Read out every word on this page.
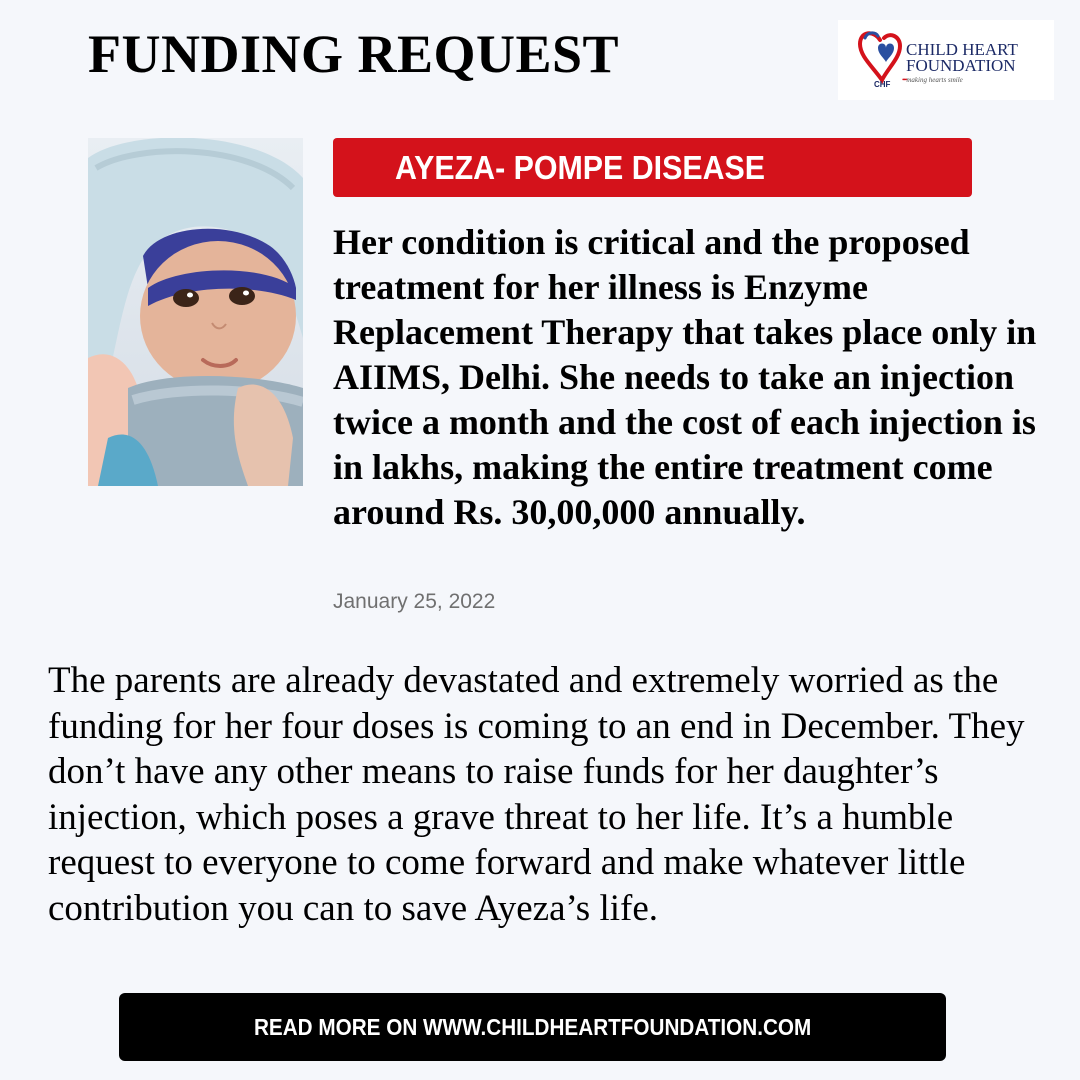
FUNDING REQUEST	CHILD HEART
FOUNDATION
CHF •••making hearts smile
AYEZA- POMPE DISEASE

Her condition is critical and the proposed treatment for her illness is Enzyme Replacement Therapy that takes place only in AIIMS, Delhi. She needs to take an injection twice a month and the cost of each injection is in lakhs, making the entire treatment come around Rs. 30,00,000 annually.

January 25, 2022

The parents are already devastated and extremely worried as the funding for her four doses is coming to an end in December. They don’t have any other means to raise funds for her daughter’s injection, which poses a grave threat to her life. It’s a humble request to everyone to come forward and make whatever little contribution you can to save Ayeza’s life.

READ MORE ON WWW.CHILDHEARTFOUNDATION.COM
